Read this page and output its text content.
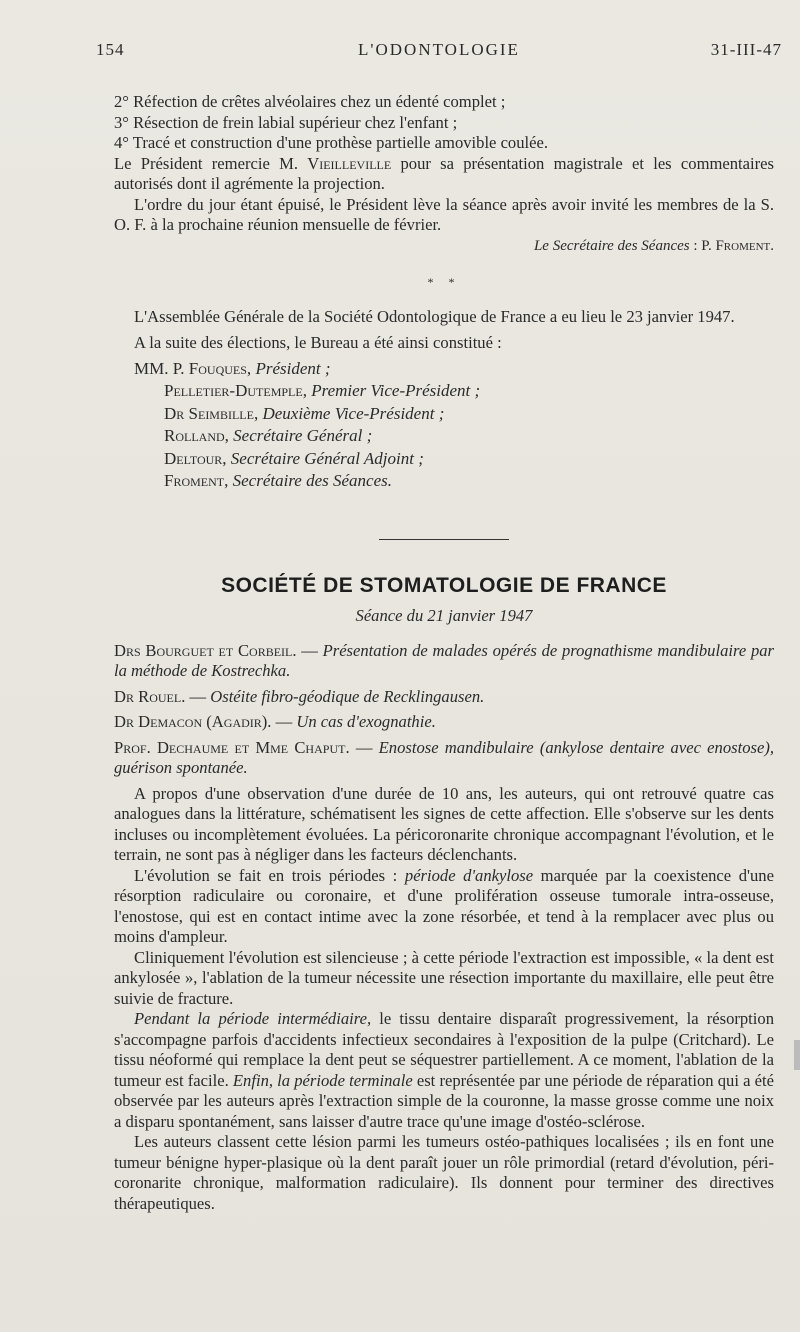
154	L'ODONTOLOGIE	31-III-47

2° Réfection de crêtes alvéolaires chez un édenté complet ;

3° Résection de frein labial supérieur chez l'enfant ;

4° Tracé et construction d'une prothèse partielle amovible coulée.

Le Président remercie M. Vieilleville pour sa présentation magistrale et les commentaires autorisés dont il agrémente la projection.

L'ordre du jour étant épuisé, le Président lève la séance après avoir invité les membres de la S. O. F. à la prochaine réunion mensuelle de février.

Le Secrétaire des Séances : P. Froment.

* *

L'Assemblée Générale de la Société Odontologique de France a eu lieu le 23 janvier 1947.

A la suite des élections, le Bureau a été ainsi constitué :

MM. P. Fouques, Président ;

Pelletier-Dutemple, Premier Vice-Président ;

Dr Seimbille, Deuxième Vice-Président ;

Rolland, Secrétaire Général ;

Deltour, Secrétaire Général Adjoint ;

Froment, Secrétaire des Séances.

SOCIÉTÉ DE STOMATOLOGIE DE FRANCE
Séance du 21 janvier 1947

Drs Bourguet et Corbeil. — Présentation de malades opérés de prognathisme mandibulaire par la méthode de Kostrechka.

Dr Rouel. — Ostéite fibro-géodique de Recklingausen.

Dr Demacon (Agadir). — Un cas d'exognathie.

Prof. Dechaume et Mme Chaput. — Enostose mandibulaire (ankylose dentaire avec enostose), guérison spontanée.

A propos d'une observation d'une durée de 10 ans, les auteurs, qui ont retrouvé quatre cas analogues dans la littérature, schématisent les signes de cette affection. Elle s'observe sur les dents incluses ou incomplètement évoluées. La péricoronarite chronique accompagnant l'évolution, et le terrain, ne sont pas à négliger dans les facteurs déclenchants.

L'évolution se fait en trois périodes : période d'ankylose marquée par la coexistence d'une résorption radiculaire ou coronaire, et d'une prolifération osseuse tumorale intra-osseuse, l'enostose, qui est en contact intime avec la zone résorbée, et tend à la remplacer avec plus ou moins d'ampleur.

Cliniquement l'évolution est silencieuse ; à cette période l'extraction est impossible, « la dent est ankylosée », l'ablation de la tumeur nécessite une résection importante du maxillaire, elle peut être suivie de fracture.

Pendant la période intermédiaire, le tissu dentaire disparaît progressivement, la résorption s'accompagne parfois d'accidents infectieux secondaires à l'exposition de la pulpe (Critchard). Le tissu néoformé qui remplace la dent peut se séquestrer partiellement. A ce moment, l'ablation de la tumeur est facile. Enfin, la période terminale est représentée par une période de réparation qui a été observée par les auteurs après l'extraction simple de la couronne, la masse grosse comme une noix a disparu spontanément, sans laisser d'autre trace qu'une image d'ostéo-sclérose.

Les auteurs classent cette lésion parmi les tumeurs ostéo-pathiques localisées ; ils en font une tumeur bénigne hyper-plasique où la dent paraît jouer un rôle primordial (retard d'évolution, péri-coronarite chronique, malformation radiculaire). Ils donnent pour terminer des directives thérapeutiques.
